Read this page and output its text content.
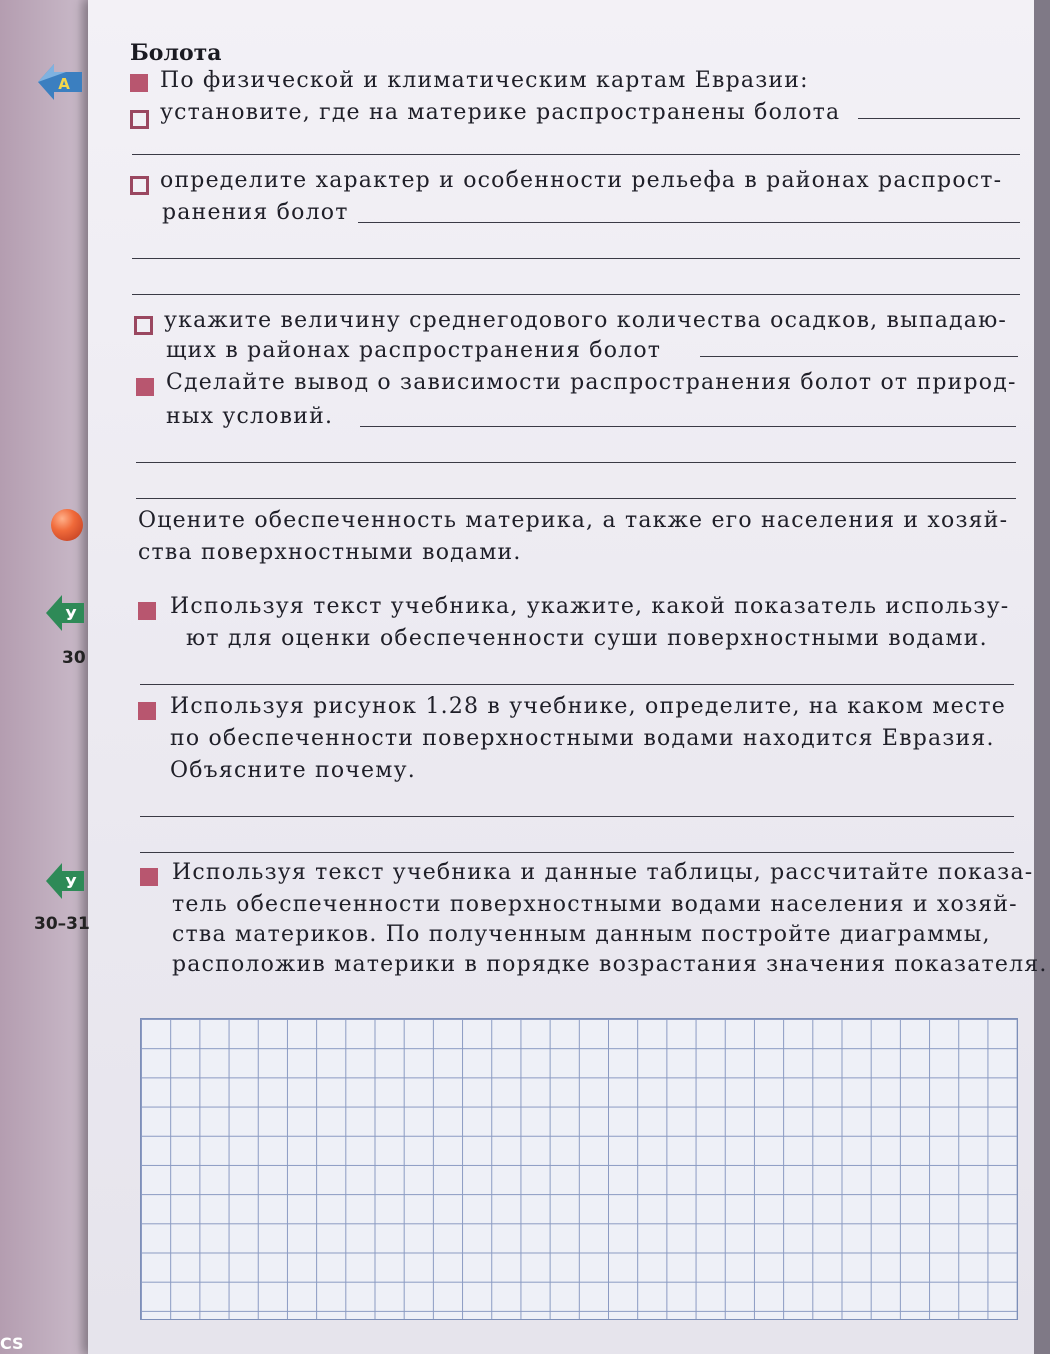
Болота
А	По физической и климатическим картам Евразии:
установите, где на материке распространены болота
определите характер и особенности рельефа в районах распрост-
ранения болот
укажите величину среднегодового количества осадков, выпадаю-
щих в районах распространения болот
Сделайте вывод о зависимости распространения болот от природ-
ных условий.
Оцените обеспеченность материка, а также его населения и хозяй-
ства поверхностными водами.
У
30
Используя текст учебника, укажите, какой показатель использу-
ют для оценки обеспеченности суши поверхностными водами.
Используя рисунок 1.28 в учебнике, определите, на каком месте
по обеспеченности поверхностными водами находится Евразия.
Объясните почему.
У
30–31
Используя текст учебника и данные таблицы, рассчитайте показа-
тель обеспеченности поверхностными водами населения и хозяй-
ства материков. По полученным данным постройте диаграммы,
расположив материки в порядке возрастания значения показателя.
CS
